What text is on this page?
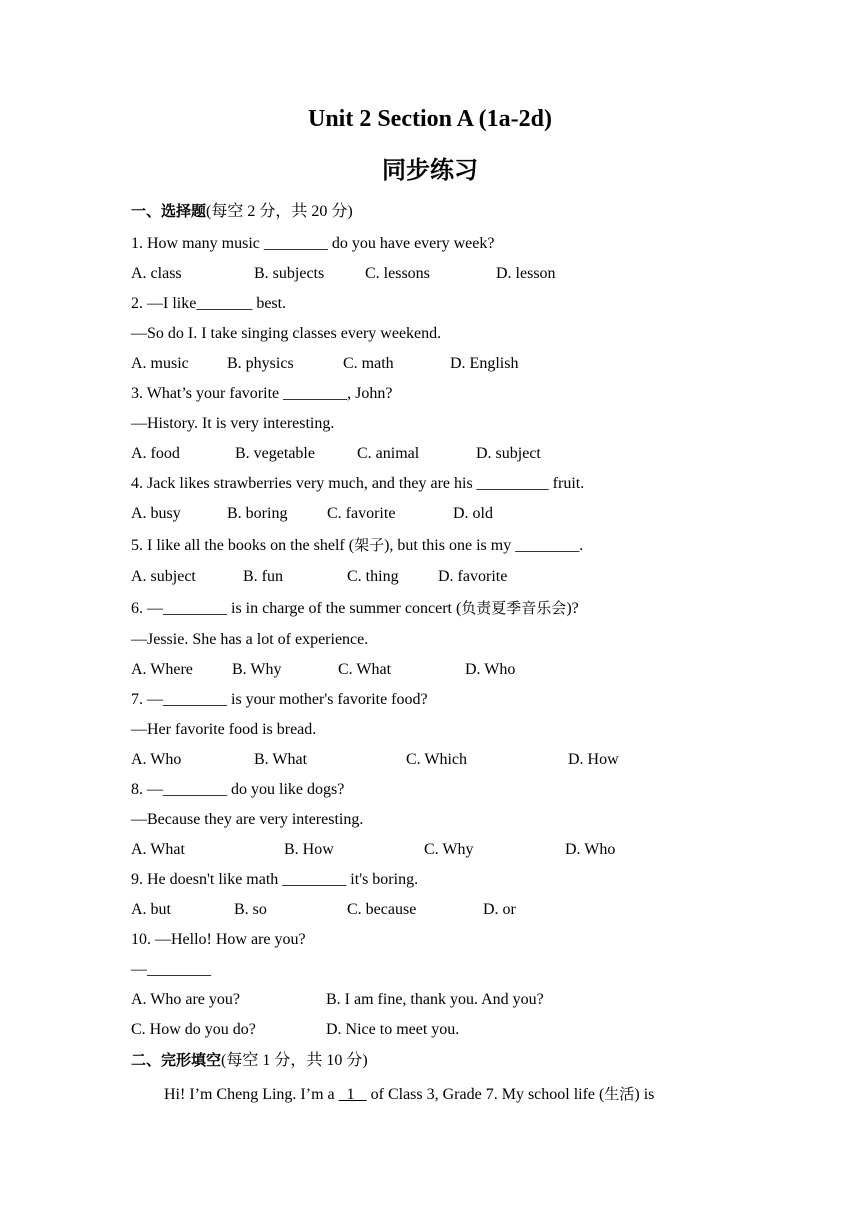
Unit 2 Section A (1a-2d)
同步练习
一、选择题(每空 2 分，共 20 分)
1. How many music ________ do you have every week?
A. class	B. subjects	C. lessons	D. lesson
2. —I like_______ best.
—So do I. I take singing classes every weekend.
A. music B. physics	C. math	D. English
3. What’s your favorite ________, John?
—History. It is very interesting.
A. food	B. vegetable	C. animal	D. subject
4. Jack likes strawberries very much, and they are his _________ fruit.
A. busy	B. boring C. favorite	D. old
5. I like all the books on the shelf (架子), but this one is my ________.
A. subject	B. fun	C. thing D. favorite
6. —________ is in charge of the summer concert (负责夏季音乐会)?
—Jessie. She has a lot of experience.
A. Where B. Why	C. What	D. Who
7. —________ is your mother's favorite food?
—Her favorite food is bread.
A. Who	B. What	C. Which	D. How
8. —________ do you like dogs?
—Because they are very interesting.
A. What	B. How	C. Why	D. Who
9. He doesn't like math ________ it's boring.
A. but	B. so	C. because	D. or
10. —Hello! How are you?
—________
A. Who are you?	B. I am fine, thank you. And you?
C. How do you do?	D. Nice to meet you.
二、完形填空(每空 1 分，共 10 分)
Hi! I’m Cheng Ling. I’m a   1    of Class 3, Grade 7. My school life (生活) is
